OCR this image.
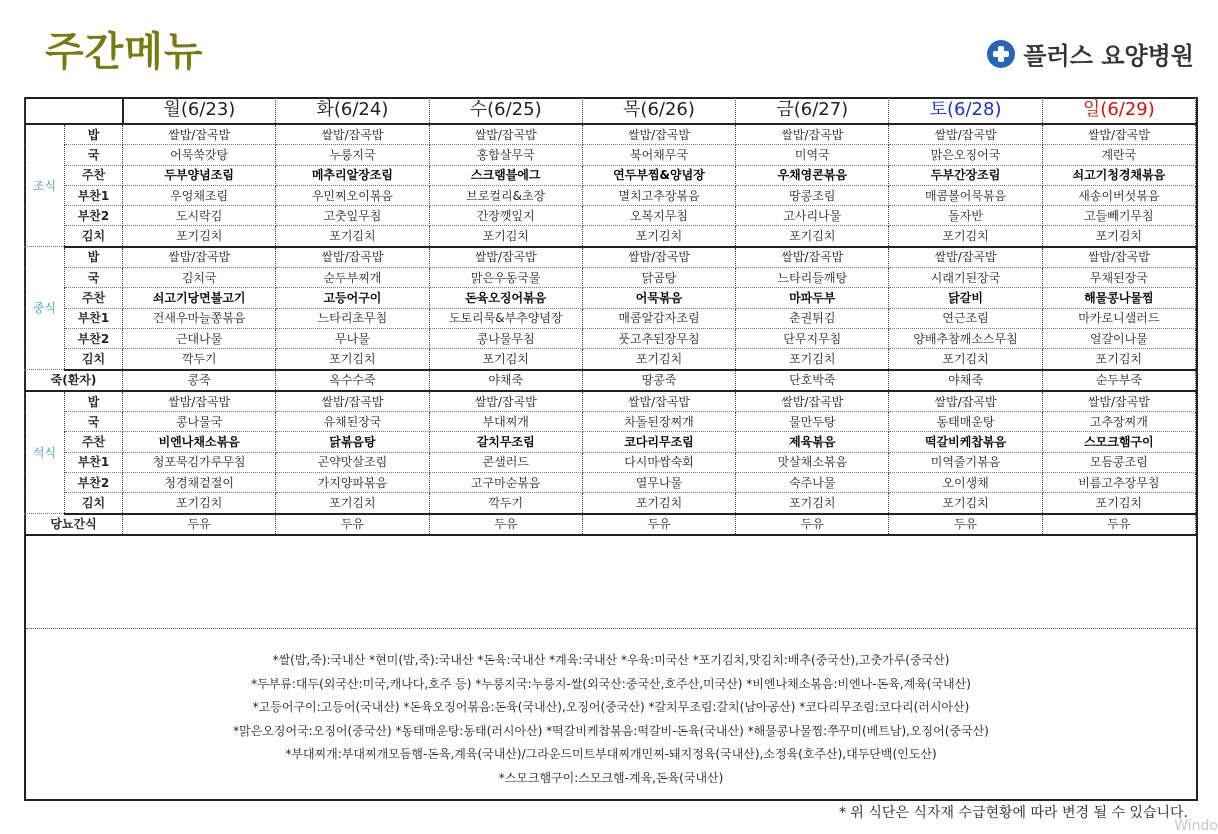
주간메뉴	플러스 요양병원
		월(6/23)	화(6/24)	수(6/25)	목(6/26)	금(6/27)	토(6/28)	일(6/29)
조식	밥	쌀밥/잡곡밥	쌀밥/잡곡밥	쌀밥/잡곡밥	쌀밥/잡곡밥	쌀밥/잡곡밥	쌀밥/잡곡밥	쌀밥/잡곡밥
	국	어묵쑥갓탕	누룽지국	홍합살무국	북어채무국	미역국	맑은오징어국	계란국
	주찬	두부양념조림	메추리알장조림	스크램블에그	연두부찜&양념장	우채영콘볶음	두부간장조림	쇠고기청경채볶음
	부찬1	우엉채조림	우민찌오이볶음	브로컬리&초장	멸치고추장볶음	땅콩조림	매콤볼어묵볶음	새송이버섯볶음
	부찬2	도시락김	고춧잎무침	간장깻잎지	오복지무침	고사리나물	돌자반	고들빼기무침
	김치	포기김치	포기김치	포기김치	포기김치	포기김치	포기김치	포기김치
중식	밥	쌀밥/잡곡밥	쌀밥/잡곡밥	쌀밥/잡곡밥	쌀밥/잡곡밥	쌀밥/잡곡밥	쌀밥/잡곡밥	쌀밥/잡곡밥
	국	김치국	순두부찌개	맑은우동국물	닭곰탕	느타리들깨탕	시래기된장국	무채된장국
	주찬	쇠고기당면불고기	고등어구이	돈육오징어볶음	어묵볶음	마파두부	닭갈비	해물콩나물찜
	부찬1	건새우마늘쫑볶음	느타리초무침	도토리묵&부추양념장	매콤알감자조림	춘권튀김	연근조림	마카로니샐러드
	부찬2	근대나물	무나물	콩나물무침	풋고추된장무침	단무지무침	양배추참깨소스무침	얼갈이나물
	김치	깍두기	포기김치	포기김치	포기김치	포기김치	포기김치	포기김치
죽(환자)		콩죽	옥수수죽	야채죽	땅콩죽	단호박죽	야채죽	순두부죽
석식	밥	쌀밥/잡곡밥	쌀밥/잡곡밥	쌀밥/잡곡밥	쌀밥/잡곡밥	쌀밥/잡곡밥	쌀밥/잡곡밥	쌀밥/잡곡밥
	국	콩나물국	유채된장국	부대찌개	차돌된장찌개	물만두탕	동태매운탕	고추장찌개
	주찬	비엔나채소볶음	닭볶음탕	갈치무조림	코다리무조림	제육볶음	떡갈비케찹볶음	스모크햄구이
	부찬1	청포묵김가루무침	곤약맛살조림	콘샐러드	다시마쌈숙회	맛살채소볶음	미역줄기볶음	모듬콩조림
	부찬2	청경채겉절이	가지양파볶음	고구마순볶음	열무나물	숙주나물	오이생채	비름고추장무침
	김치	포기김치	포기김치	깍두기	포기김치	포기김치	포기김치	포기김치
당뇨간식		두유	두유	두유	두유	두유	두유	두유
*쌀(밥,죽):국내산 *현미(밥,죽):국내산 *돈육:국내산 *계육:국내산 *우육:미국산 *포기김치,맛김치:배추(중국산),고춧가루(중국산)
*두부류:대두(외국산:미국,캐나다,호주 등) *누룽지국:누룽지-쌀(외국산:중국산,호주산,미국산) *비엔나채소볶음:비엔나-돈육,계육(국내산)
*고등어구이:고등어(국내산) *돈육오징어볶음:돈육(국내산),오징어(중국산) *갈치무조림:갈치(남아공산) *코다리무조림:코다리(러시아산)
*맑은오징어국:오징어(중국산) *동태매운탕:동태(러시아산) *떡갈비케찹볶음:떡갈비-돈육(국내산) *해물콩나물찜:쭈꾸미(베트남),오징어(중국산)
*부대찌개:부대찌개모듬햄-돈육,계육(국내산)/그라운드미트부대찌개민찌-돼지정육(국내산),소정육(호주산),대두단백(인도산)
*스모크햄구이:스모크햄-계육,돈육(국내산)
* 위 식단은 식자재 수급현황에 따라 변경 될 수 있습니다.
Windo
